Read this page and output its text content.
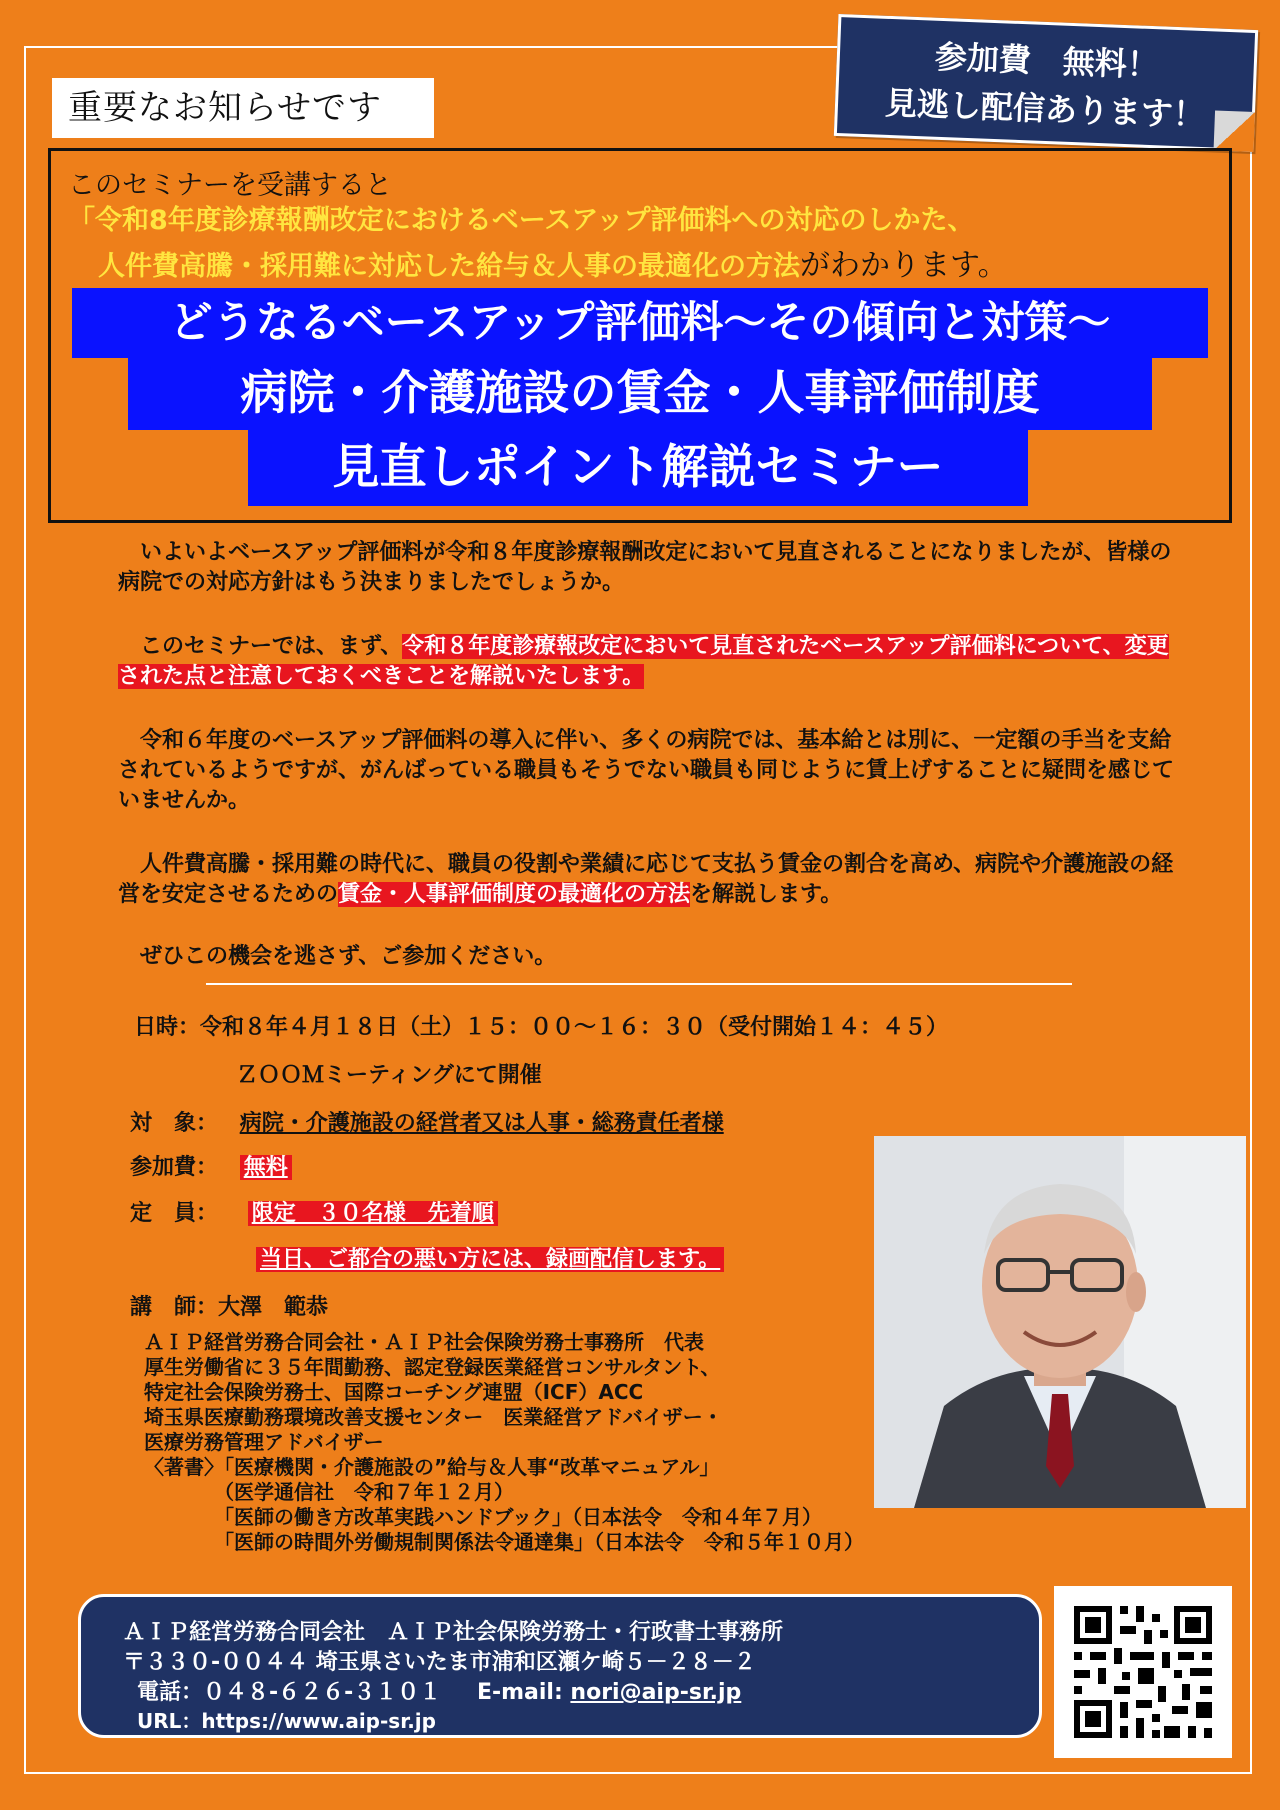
重要なお知らせです
参加費　無料！
見逃し配信あります！
このセミナーを受講すると
「令和8年度診療報酬改定におけるベースアップ評価料への対応のしかた、
人件費高騰・採用難に対応した給与＆人事の最適化の方法がわかります。
どうなるベースアップ評価料～その傾向と対策～
病院・介護施設の賃金・人事評価制度
見直しポイント解説セミナー
　いよいよベースアップ評価料が令和８年度診療報酬改定において見直されることになりましたが、皆様の病院での対応方針はもう決まりましたでしょうか。
　このセミナーでは、まず、令和８年度診療報改定において見直されたベースアップ評価料について、変更された点と注意しておくべきことを解説いたします。
　令和６年度のベースアップ評価料の導入に伴い、多くの病院では、基本給とは別に、一定額の手当を支給されているようですが、がんばっている職員もそうでない職員も同じように賃上げすることに疑問を感じていませんか。
　人件費高騰・採用難の時代に、職員の役割や業績に応じて支払う賃金の割合を高め、病院や介護施設の経営を安定させるための賃金・人事評価制度の最適化の方法を解説します。
　ぜひこの機会を逃さず、ご参加ください。
日時：令和８年４月１８日（土）１５：００～１６：３０（受付開始１４：４５）
ＺＯＯＭミーティングにて開催
対　象： 病院・介護施設の経営者又は人事・総務責任者様
参加費： 無料
定　員： 限定　３０名様　先着順
当日、ご都合の悪い方には、録画配信します。
講　師：大澤　範恭
ＡＩＰ経営労務合同会社・ＡＩＰ社会保険労務士事務所　代表
厚生労働省に３５年間勤務、認定登録医業経営コンサルタント、
特定社会保険労務士、国際コーチング連盟（ICF）ACC
埼玉県医療勤務環境改善支援センター　医業経営アドバイザー・
医療労務管理アドバイザー
〈著書〉「医療機関・介護施設の”給与＆人事“改革マニュアル」
　　　　（医学通信社　令和７年１２月）
　　　　「医師の働き方改革実践ハンドブック」（日本法令　令和４年７月）
　　　　「医師の時間外労働規制関係法令通達集」（日本法令　令和５年１０月）
ＡＩＰ経営労務合同会社　ＡＩＰ社会保険労務士・行政書士事務所
〒３３０-００４４ 埼玉県さいたま市浦和区瀬ケ崎５－２８－２
電話：０４８-６２６-３１０１ E-mail: nori@aip-sr.jp
URL：https://www.aip-sr.jp
